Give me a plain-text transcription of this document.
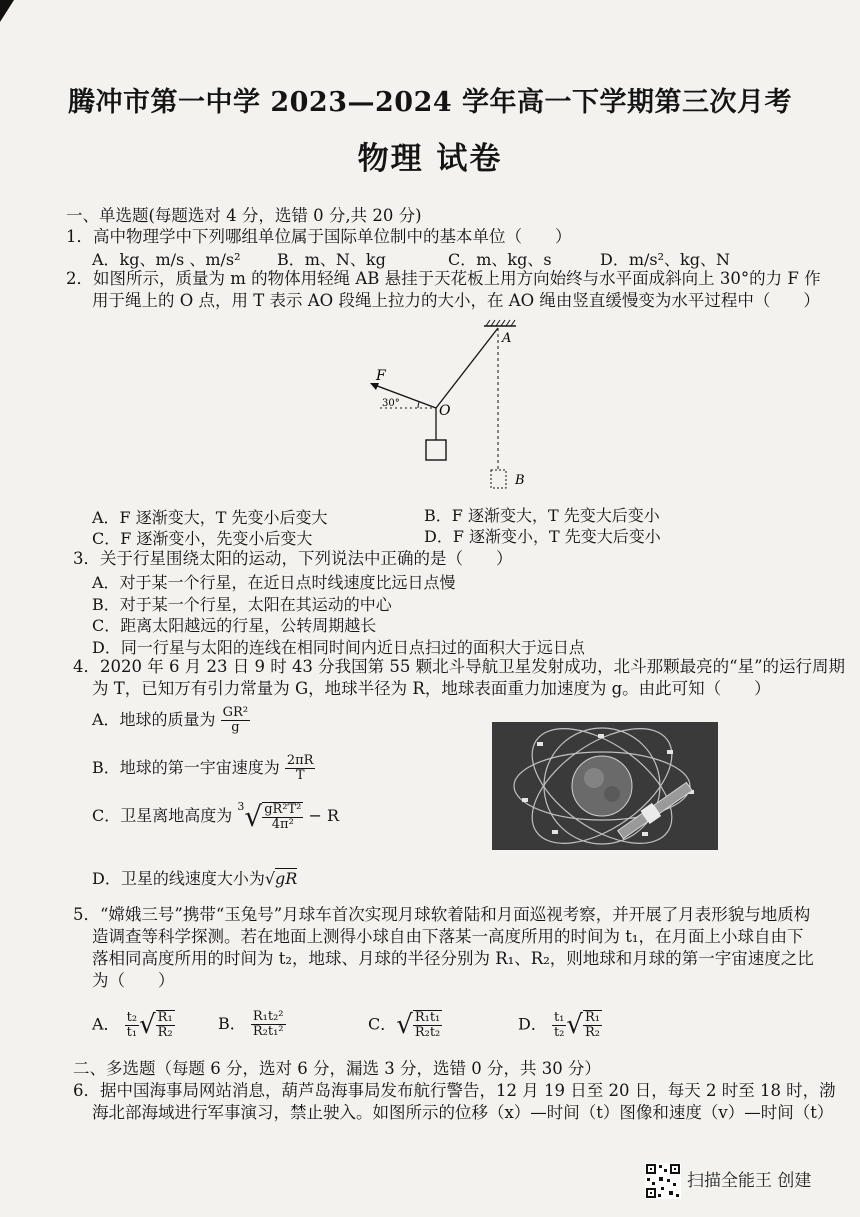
腾冲市第一中学 2023—2024 学年高一下学期第三次月考
物理 试卷
一、单选题(每题选对 4 分，选错 0 分,共 20 分)
1．高中物理学中下列哪组单位属于国际单位制中的基本单位（　　）
A．kg、m/s 、m/s² B．m、N、kg	C．m、kg、s	D．m/s²、kg、N
2．如图所示，质量为 m 的物体用轻绳 AB 悬挂于天花板上用方向始终与水平面成斜向上 30°的力 F 作
用于绳上的 O 点，用 T 表示 AO 段绳上拉力的大小，在 AO 绳由竖直缓慢变为水平过程中（　　）
F
A
O
B
30°
A．F 逐渐变大，T 先变小后变大	B．F 逐渐变大，T 先变大后变小
C．F 逐渐变小，先变小后变大	D．F 逐渐变小，T 先变大后变小
3．关于行星围绕太阳的运动，下列说法中正确的是（　　）
A．对于某一个行星，在近日点时线速度比远日点慢
B．对于某一个行星，太阳在其运动的中心
C．距离太阳越远的行星，公转周期越长
D．同一行星与太阳的连线在相同时间内近日点扫过的面积大于远日点
4．2020 年 6 月 23 日 9 时 43 分我国第 55 颗北斗导航卫星发射成功，北斗那颗最亮的“星”的运行周期
为 T，已知万有引力常量为 G，地球半径为 R，地球表面重力加速度为 g。由此可知（　　）
A．地球的质量为 $\frac{\text{GR²}}{g}$
B．地球的第一宇宙速度为 $\frac{2\pi R}{T}$
C．卫星离地高度为 $^3√ \frac{\text{gR²T²}}{\text{4π²}} - R$
D．卫星的线速度大小为√gR
5．“嫦娥三号”携带“玉兔号”月球车首次实现月球软着陆和月面巡视考察，并开展了月表形貌与地质构
造调查等科学探测。若在地面上测得小球自由下落某一高度所用的时间为 t₁，在月面上小球自由下
落相同高度所用的时间为 t₂，地球、月球的半径分别为 R₁、R₂，则地球和月球的第一宇宙速度之比
为（　　）
A． $\frac{\text{t₂}}{\text{t₁}}$ √ $\frac{\text{R₁}}{\text{R₂}}$	B． $\frac{\text{R₁t₂²}}{\text{R₂t₁²}}$	C．√ $\frac{\text{R₁t₁}}{\text{R₂t₂}}$	D． $\frac{\text{t₁}}{\text{t₂}}$ √ $\frac{\text{R₁}}{\text{R₂}}$
二、多选题（每题 6 分，选对 6 分，漏选 3 分，选错 0 分，共 30 分）
6．据中国海事局网站消息，葫芦岛海事局发布航行警告，12 月 19 日至 20 日，每天 2 时至 18 时，渤
海北部海域进行军事演习，禁止驶入。如图所示的位移（x）—时间（t）图像和速度（v）—时间（t）
扫描全能王 创建
